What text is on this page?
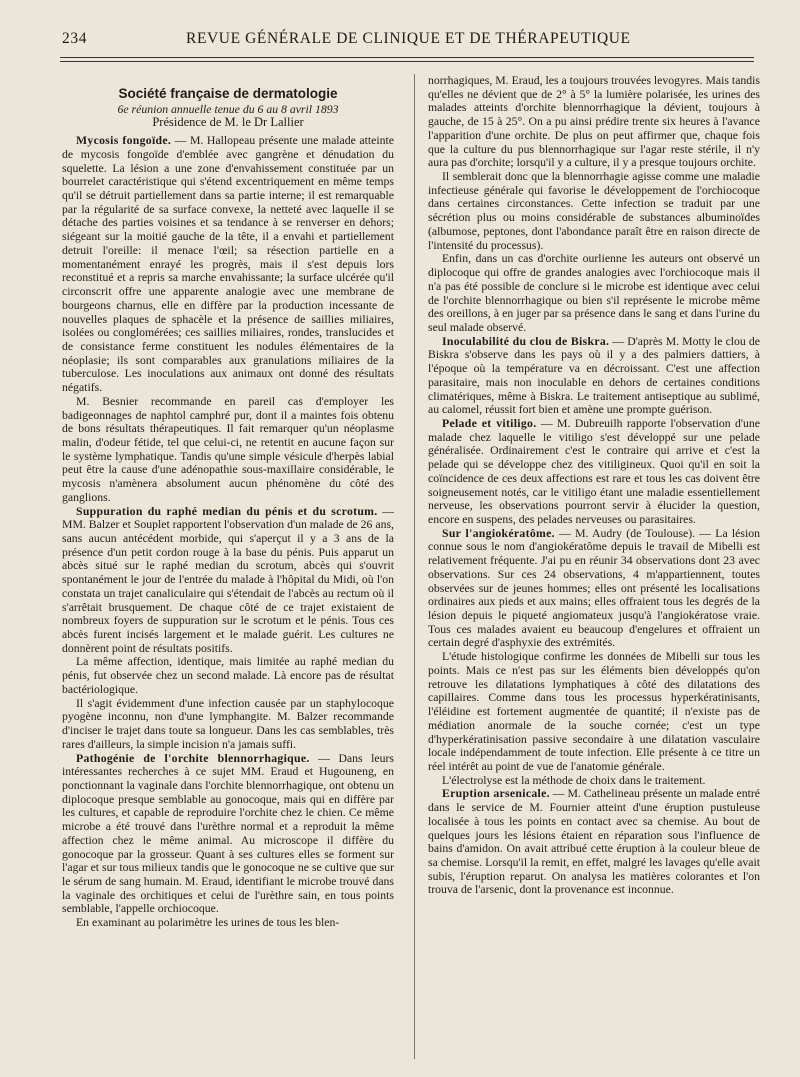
234	REVUE GÉNÉRALE DE CLINIQUE ET DE THÉRAPEUTIQUE
Société française de dermatologie
6e réunion annuelle tenue du 6 au 8 avril 1893
Présidence de M. le Dr Lallier

Mycosis fongoïde. — M. Hallopeau présente une malade atteinte de mycosis fongoïde d'emblée avec gangrène et dénudation du squelette. La lésion a une zone d'envahissement constituée par un bourrelet caractéristique qui s'étend excentriquement en même temps qu'il se détruit partiellement dans sa partie interne; il est remarquable par la régularité de sa surface convexe, la netteté avec laquelle il se détache des parties voisines et sa tendance à se renverser en dehors; siégeant sur la moitié gauche de la tête, il a envahi et partiellement detruit l'oreille: il menace l'œil; sa résection partielle en a momentanément enrayé les progrès, mais il s'est depuis lors reconstitué et a repris sa marche envahissante; la surface ulcérée qu'il circonscrit offre une apparente analogie avec une membrane de bourgeons charnus, elle en diffère par la production incessante de nouvelles plaques de sphacèle et la présence de saillies miliaires, isolées ou conglomérées; ces saillies miliaires, rondes, translucides et de consistance ferme constituent les nodules élémentaires de la néoplasie; ils sont comparables aux granulations miliaires de la tuberculose. Les inoculations aux animaux ont donné des résultats négatifs.

M. Besnier recommande en pareil cas d'employer les badigeonnages de naphtol camphré pur, dont il a maintes fois obtenu de bons résultats thérapeutiques. Il fait remarquer qu'un néoplasme malin, d'odeur fétide, tel que celui-ci, ne retentit en aucune façon sur le système lymphatique. Tandis qu'une simple vésicule d'herpès labial peut être la cause d'une adénopathie sous-maxillaire considérable, le mycosis n'amènera absolument aucun phénomène du côté des ganglions.

Suppuration du raphé median du pénis et du scrotum. — MM. Balzer et Souplet rapportent l'observation d'un malade de 26 ans, sans aucun antécédent morbide, qui s'aperçut il y a 3 ans de la présence d'un petit cordon rouge à la base du pénis. Puis apparut un abcès situé sur le raphé median du scrotum, abcès qui s'ouvrit spontanément le jour de l'entrée du malade à l'hôpital du Midi, où l'on constata un trajet canaliculaire qui s'étendait de l'abcès au rectum où il s'arrêtait brusquement. De chaque côté de ce trajet existaient de nombreux foyers de suppuration sur le scrotum et le pénis. Tous ces abcès furent incisés largement et le malade guérit. Les cultures ne donnèrent point de résultats positifs.

La même affection, identique, mais limitée au raphé median du pénis, fut observée chez un second malade. Là encore pas de résultat bactériologique.

Il s'agit évidemment d'une infection causée par un staphylocoque pyogène inconnu, non d'une lymphangite. M. Balzer recommande d'inciser le trajet dans toute sa longueur. Dans les cas semblables, très rares d'ailleurs, la simple incision n'a jamais suffi.

Pathogénie de l'orchite blennorrhagique. — Dans leurs intéressantes recherches à ce sujet MM. Eraud et Hugouneng, en ponctionnant la vaginale dans l'orchite blennorrhagique, ont obtenu un diplocoque presque semblable au gonocoque, mais qui en diffère par les cultures, et capable de reproduire l'orchite chez le chien. Ce même microbe a été trouvé dans l'urèthre normal et a reproduit la même affection chez le même animal. Au microscope il diffère du gonocoque par la grosseur. Quant à ses cultures elles se forment sur l'agar et sur tous milieux tandis que le gonocoque ne se cultive que sur le sérum de sang humain. M. Eraud, identifiant le microbe trouvé dans la vaginale des orchitiques et celui de l'urèthre sain, en tous points semblable, l'appelle orchiocoque.

En examinant au polarimètre les urines de tous les blen-

norrhagiques, M. Eraud, les a toujours trouvées levogyres. Mais tandis qu'elles ne dévient que de 2° à 5° la lumière polarisée, les urines des malades atteints d'orchite blennorrhagique la dévient, toujours à gauche, de 15 à 25°. On a pu ainsi prédire trente six heures à l'avance l'apparition d'une orchite. De plus on peut affirmer que, chaque fois que la culture du pus blennorrhagique sur l'agar reste stérile, il n'y aura pas d'orchite; lorsqu'il y a culture, il y a presque toujours orchite.

Il semblerait donc que la blennorrhagie agisse comme une maladie infectieuse générale qui favorise le développement de l'orchiocoque dans certaines circonstances. Cette infection se traduit par une sécrétion plus ou moins considérable de substances albuminoïdes (albumose, peptones, dont l'abondance paraît être en raison directe de l'intensité du processus).

Enfin, dans un cas d'orchite ourlienne les auteurs ont observé un diplocoque qui offre de grandes analogies avec l'orchiocoque mais il n'a pas été possible de conclure si le microbe est identique avec celui de l'orchite blennorrhagique ou bien s'il représente le microbe même des oreillons, à en juger par sa présence dans le sang et dans l'urine du seul malade observé.

Inoculabilité du clou de Biskra. — D'après M. Motty le clou de Biskra s'observe dans les pays où il y a des palmiers dattiers, à l'époque où la température va en décroissant. C'est une affection parasitaire, mais non inoculable en dehors de certaines conditions climatériques, même à Biskra. Le traitement antiseptique au sublimé, au calomel, réussit fort bien et amène une prompte guérison.

Pelade et vitiligo. — M. Dubreuilh rapporte l'observation d'une malade chez laquelle le vitiligo s'est développé sur une pelade généralisée. Ordinairement c'est le contraire qui arrive et c'est la pelade qui se développe chez des vitiligineux. Quoi qu'il en soit la coïncidence de ces deux affections est rare et tous les cas doivent être soigneusement notés, car le vitiligo étant une maladie essentiellement nerveuse, les observations pourront servir à élucider la question, encore en suspens, des pelades nerveuses ou parasitaires.

Sur l'angiokératôme. — M. Audry (de Toulouse). — La lésion connue sous le nom d'angiokératôme depuis le travail de Mibelli est relativement fréquente. J'ai pu en réunir 34 observations dont 23 avec observations. Sur ces 24 observations, 4 m'appartiennent, toutes observées sur de jeunes hommes; elles ont présenté les localisations ordinaires aux pieds et aux mains; elles offraient tous les degrés de la lésion depuis le piqueté angiomateux jusqu'à l'angiokératose vraie. Tous ces malades avaient eu beaucoup d'engelures et offraient un certain degré d'asphyxie des extrémités.

L'étude histologique confirme les données de Mibelli sur tous les points. Mais ce n'est pas sur les éléments bien développés qu'on retrouve les dilatations lymphatiques à côté des dilatations des capillaires. Comme dans tous les processus hyperkératinisants, l'éléidine est fortement augmentée de quantité; il n'existe pas de médiation anormale de la souche cornée; c'est un type d'hyperkératinisation passive secondaire à une dilatation vasculaire locale indépendamment de toute infection. Elle présente à ce titre un réel intérêt au point de vue de l'anatomie générale.

L'électrolyse est la méthode de choix dans le traitement.

Eruption arsenicale. — M. Cathelineau présente un malade entré dans le service de M. Fournier atteint d'une éruption pustuleuse localisée à tous les points en contact avec sa chemise. Au bout de quelques jours les lésions étaient en réparation sous l'influence de bains d'amidon. On avait attribué cette éruption à la couleur bleue de sa chemise. Lorsqu'il la remit, en effet, malgré les lavages qu'elle avait subis, l'éruption reparut. On analysa les matières colorantes et l'on trouva de l'arsenic, dont la provenance est inconnue.
